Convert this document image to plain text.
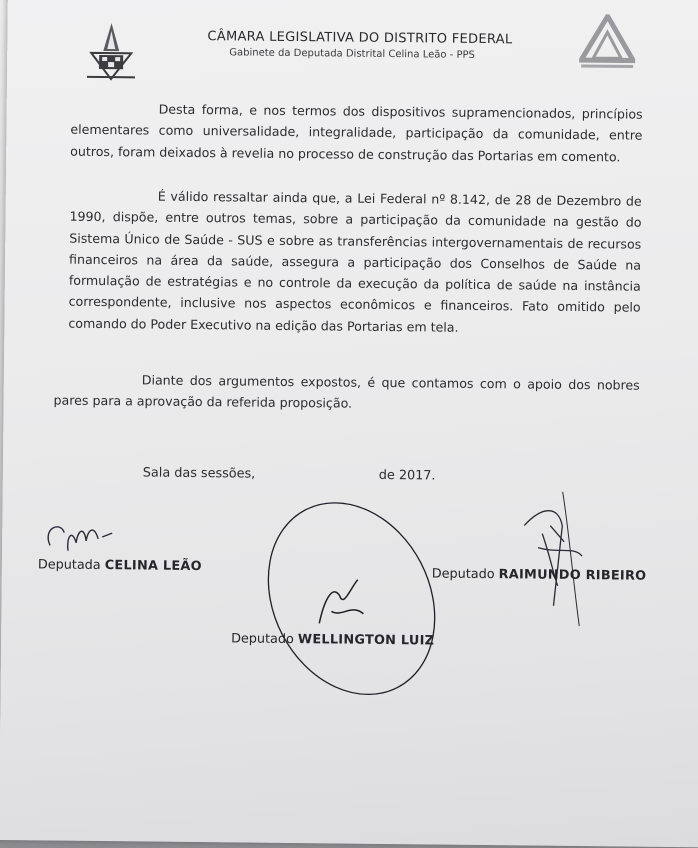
CÂMARA LEGISLATIVA DO DISTRITO FEDERAL
Gabinete da Deputada Distrital Celina Leão - PPS

Desta forma, e nos termos dos dispositivos supramencionados, princípios elementares como universalidade, integralidade, participação da comunidade, entre outros, foram deixados à revelia no processo de construção das Portarias em comento.

É válido ressaltar ainda que, a Lei Federal nº 8.142, de 28 de Dezembro de 1990, dispõe, entre outros temas, sobre a participação da comunidade na gestão do Sistema Único de Saúde - SUS e sobre as transferências intergovernamentais de recursos financeiros na área da saúde, assegura a participação dos Conselhos de Saúde na formulação de estratégias e no controle da execução da política de saúde na instância correspondente, inclusive nos aspectos econômicos e financeiros. Fato omitido pelo comando do Poder Executivo na edição das Portarias em tela.

Diante dos argumentos expostos, é que contamos com o apoio dos nobres pares para a aprovação da referida proposição.

Sala das sessões,	de 2017.
Deputada CELINA LEÃO
Deputado RAIMUNDO RIBEIRO
Deputado WELLINGTON LUIZ
